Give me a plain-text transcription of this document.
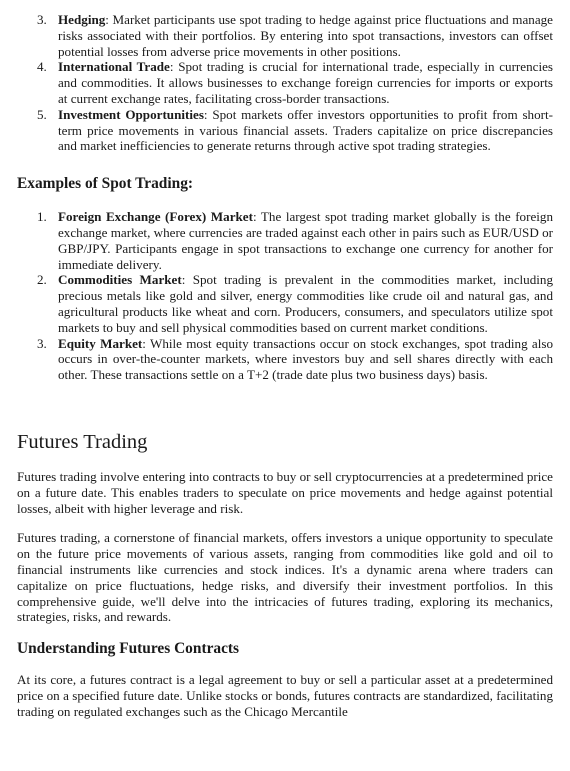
3. Hedging: Market participants use spot trading to hedge against price fluctuations and manage risks associated with their portfolios. By entering into spot transactions, investors can offset potential losses from adverse price movements in other positions.
4. International Trade: Spot trading is crucial for international trade, especially in currencies and commodities. It allows businesses to exchange foreign currencies for imports or exports at current exchange rates, facilitating cross-border transactions.
5. Investment Opportunities: Spot markets offer investors opportunities to profit from short-term price movements in various financial assets. Traders capitalize on price discrepancies and market inefficiencies to generate returns through active spot trading strategies.
Examples of Spot Trading:
1. Foreign Exchange (Forex) Market: The largest spot trading market globally is the foreign exchange market, where currencies are traded against each other in pairs such as EUR/USD or GBP/JPY. Participants engage in spot transactions to exchange one currency for another for immediate delivery.
2. Commodities Market: Spot trading is prevalent in the commodities market, including precious metals like gold and silver, energy commodities like crude oil and natural gas, and agricultural products like wheat and corn. Producers, consumers, and speculators utilize spot markets to buy and sell physical commodities based on current market conditions.
3. Equity Market: While most equity transactions occur on stock exchanges, spot trading also occurs in over-the-counter markets, where investors buy and sell shares directly with each other. These transactions settle on a T+2 (trade date plus two business days) basis.
Futures Trading

Futures trading involve entering into contracts to buy or sell cryptocurrencies at a predetermined price on a future date. This enables traders to speculate on price movements and hedge against potential losses, albeit with higher leverage and risk.

Futures trading, a cornerstone of financial markets, offers investors a unique opportunity to speculate on the future price movements of various assets, ranging from commodities like gold and oil to financial instruments like currencies and stock indices. It's a dynamic arena where traders can capitalize on price fluctuations, hedge risks, and diversify their investment portfolios. In this comprehensive guide, we'll delve into the intricacies of futures trading, exploring its mechanics, strategies, risks, and rewards.

Understanding Futures Contracts

At its core, a futures contract is a legal agreement to buy or sell a particular asset at a predetermined price on a specified future date. Unlike stocks or bonds, futures contracts are standardized, facilitating trading on regulated exchanges such as the Chicago Mercantile
